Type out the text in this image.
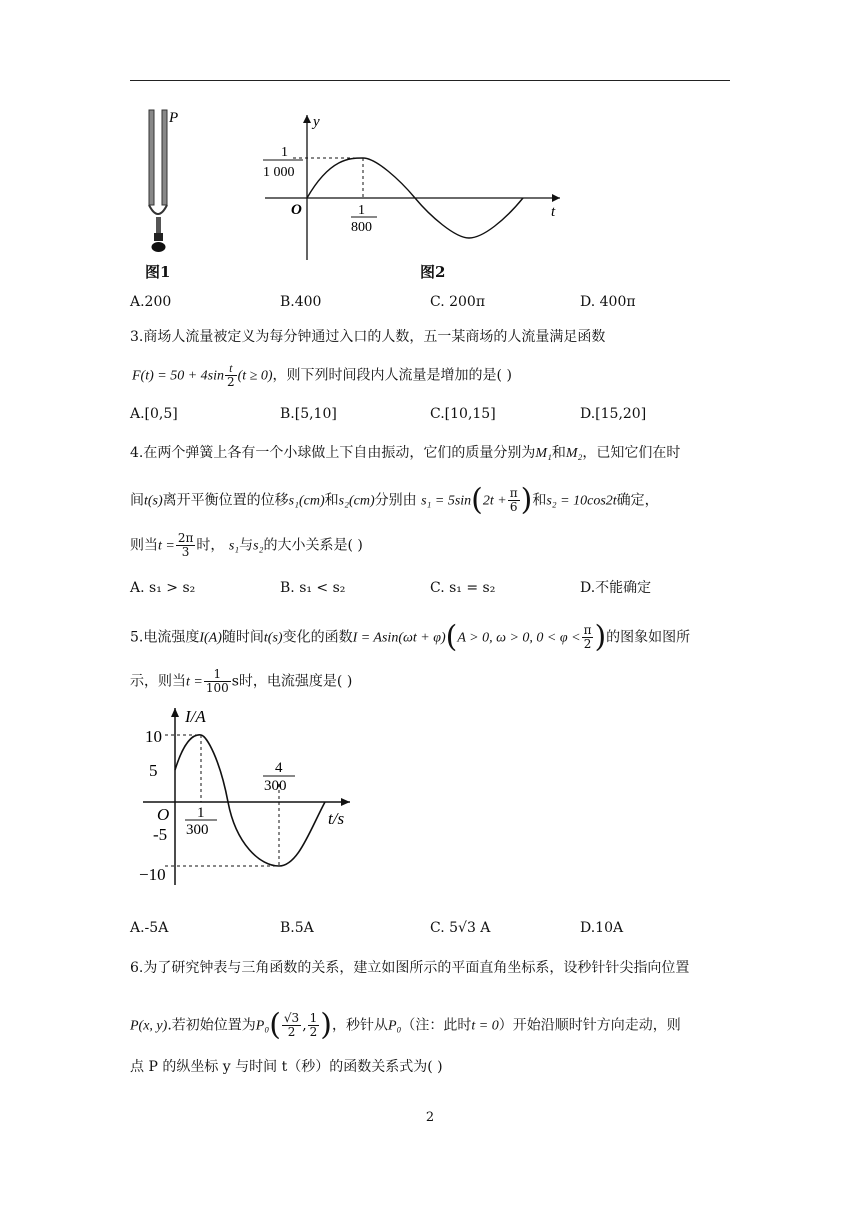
P
图1
y
t
O
1
1 000
1
800
图2
A.200	B.400	C. 200π	D. 400π
3.商场人流量被定义为每分钟通过入口的人数，五一某商场的人流量满足函数
$F(t) = 50 + 4\sin \frac{t}{2} (t \ge 0)$，则下列时间段内人流量是增加的是( )
A.[0,5]	B.[5,10]	C.[10,15]	D.[15,20]
4.在两个弹簧上各有一个小球做上下自由振动，它们的质量分别为M₁和M₂，已知它们在时
间t(s)离开平衡位置的位移s₁(cm)和s₂(cm)分别由 $s_1 = 5\sin(2t + \frac{\pi}{6}$ )和s₂ = 10cos2t确定，
则当$t = \frac{2\pi}{3}$ 时， s₁与s₂的大小关系是( )
A. s₁ > s₂	B. s₁ < s₂	C. s₁ = s₂	D.不能确定
5.电流强度I(A)随时间t(s)变化的函数I = Asin(ωt + φ)(A > 0, ω > 0, $0 < \varphi < \frac{\pi}{2}$ )的图象如图所
示，则当$t = \frac{1}{100}$ s时，电流强度是( )
I/A
t/s
O
10
5
-5
−10
1
300
4
300
A.-5A	B.5A	C. 5√3 A	D.10A
6.为了研究钟表与三角函数的关系，建立如图所示的平面直角坐标系，设秒针针尖指向位置
P(x, y).若初始位置为$P_0( \frac{√3}{2}$ , $\frac{1}{2}$ )，秒针从P₀（注：此时t = 0）开始沿顺时针方向走动，则
点 P 的纵坐标 y 与时间 t（秒）的函数关系式为( )
2
